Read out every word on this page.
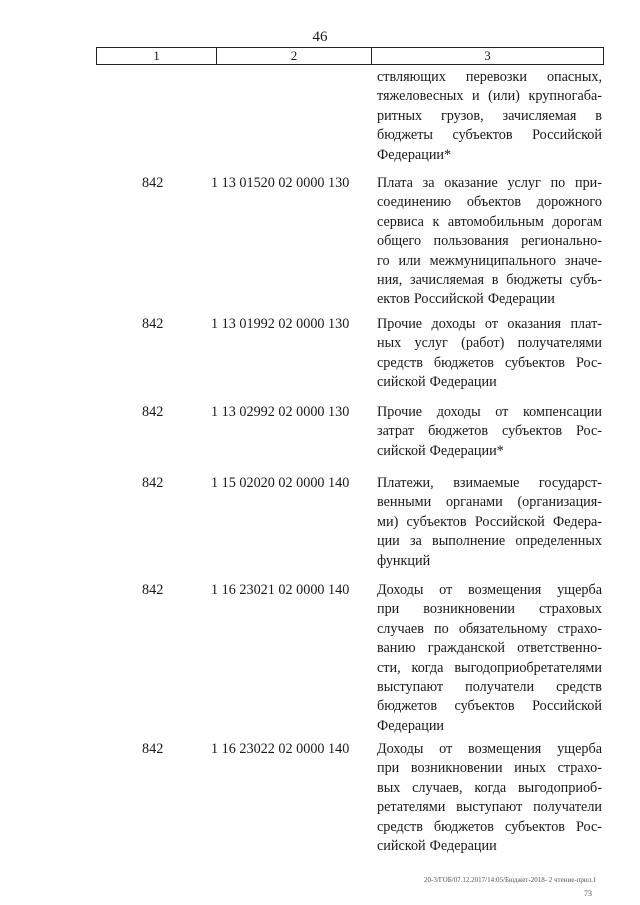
46
1	2	3
ствляющих перевозки опасных,
тяжеловесных и (или) крупногаба-
ритных грузов, зачисляемая в
бюджеты субъектов Российской
Федерации*
842	1 13 01520 02 0000 130	Плата за оказание услуг по при-
соединению объектов дорожного
сервиса к автомобильным дорогам
общего пользования регионально-
го или межмуниципального значе-
ния, зачисляемая в бюджеты субъ-
ектов Российской Федерации
842	1 13 01992 02 0000 130	Прочие доходы от оказания плат-
ных услуг (работ) получателями
средств бюджетов субъектов Рос-
сийской Федерации
842	1 13 02992 02 0000 130	Прочие доходы от компенсации
затрат бюджетов субъектов Рос-
сийской Федерации*
842	1 15 02020 02 0000 140	Платежи, взимаемые государст-
венными органами (организация-
ми) субъектов Российской Федера-
ции за выполнение определенных
функций
842	1 16 23021 02 0000 140	Доходы от возмещения ущерба
при возникновении страховых
случаев по обязательному страхо-
ванию гражданской ответственно-
сти, когда выгодоприобретателями
выступают получатели средств
бюджетов субъектов Российской
Федерации
842	1 16 23022 02 0000 140	Доходы от возмещения ущерба
при возникновении иных страхо-
вых случаев, когда выгодоприоб-
ретателями выступают получатели
средств бюджетов субъектов Рос-
сийской Федерации
20-3/ГОБ/07.12.2017/14:05/Бюджет-2018- 2 чтение-прил.1
73
